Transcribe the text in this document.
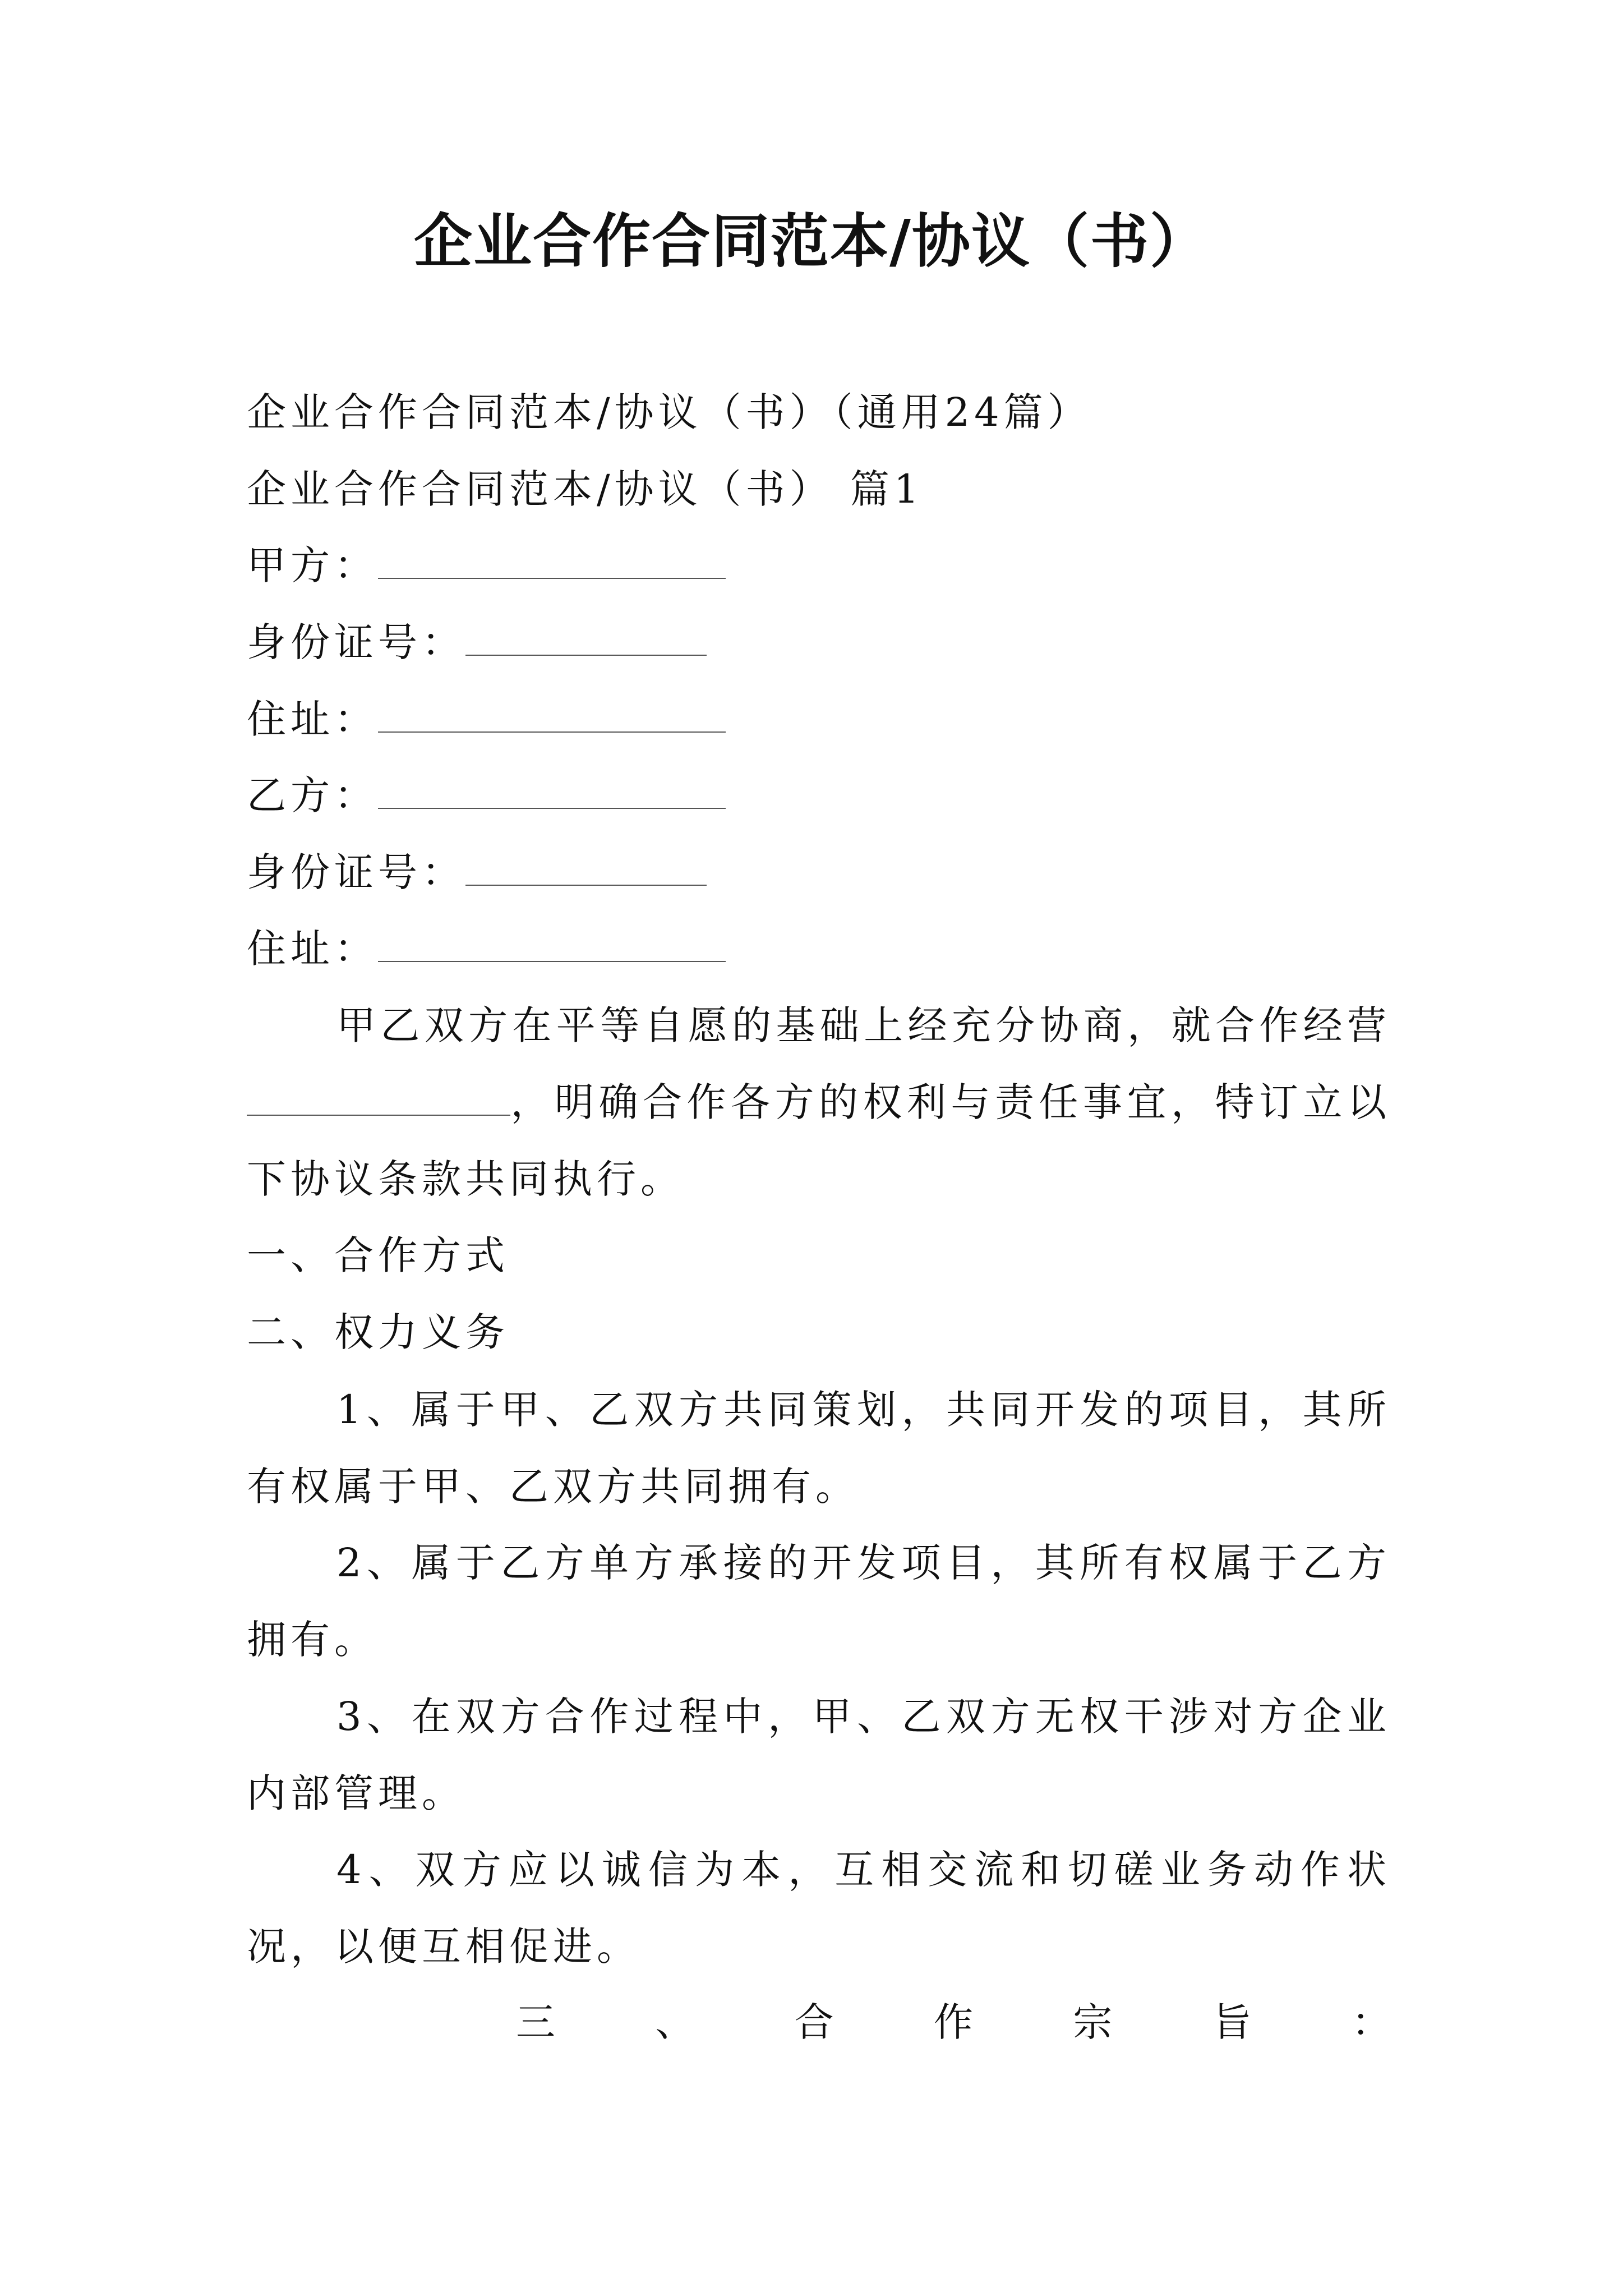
企业合作合同范本/协议（书）
企业合作合同范本/协议（书）（通用24篇）
企业合作合同范本/协议（书） 篇1
甲方：
身份证号：
住址：
乙方：
身份证号：
住址：
甲乙双方在平等自愿的基础上经充分协商，就合作经营，明确合作各方的权利与责任事宜，特订立以下协议条款共同执行。
一、合作方式
二、权力义务
1、属于甲、乙双方共同策划，共同开发的项目，其所有权属于甲、乙双方共同拥有。
2、属于乙方单方承接的开发项目，其所有权属于乙方拥有。
3、在双方合作过程中，甲、乙双方无权干涉对方企业内部管理。
4、双方应以诚信为本，互相交流和切磋业务动作状况，以便互相促进。
三	、	合	作	宗	旨	：
